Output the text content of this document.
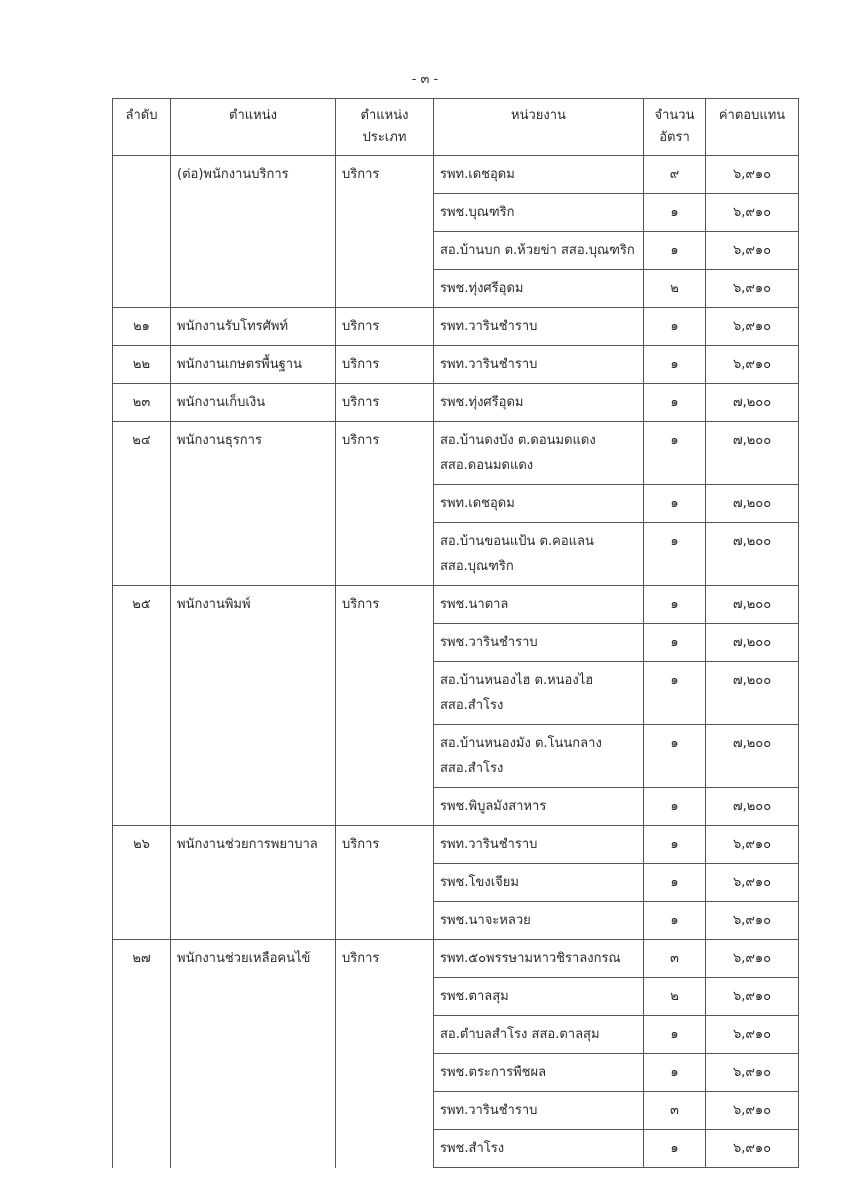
- ๓ -
ลำดับ	ตำแหน่ง	ตำแหน่งประเภท	หน่วยงาน	จำนวนอัตรา	ค่าตอบแทน
	(ต่อ)พนักงานบริการ	บริการ	รพท.เดชอุดม	๙	๖,๙๑๐
			รพช.บุณฑริก	๑	๖,๙๑๐
			สอ.บ้านบก ต.ห้วยข่า สสอ.บุณฑริก	๑	๖,๙๑๐
			รพช.ทุ่งศรีอุดม	๒	๖,๙๑๐
๒๑	พนักงานรับโทรศัพท์	บริการ	รพท.วารินชำราบ	๑	๖,๙๑๐
๒๒	พนักงานเกษตรพื้นฐาน	บริการ	รพท.วารินชำราบ	๑	๖,๙๑๐
๒๓	พนักงานเก็บเงิน	บริการ	รพช.ทุ่งศรีอุดม	๑	๗,๒๐๐
๒๔	พนักงานธุรการ	บริการ	สอ.บ้านดงบัง ต.ดอนมดแดง สสอ.ดอนมดแดง	๑	๗,๒๐๐
			รพท.เดชอุดม	๑	๗,๒๐๐
			สอ.บ้านขอนแป้น ต.คอแลน สสอ.บุณฑริก	๑	๗,๒๐๐
๒๕	พนักงานพิมพ์	บริการ	รพช.นาตาล	๑	๗,๒๐๐
			รพช.วารินชำราบ	๑	๗,๒๐๐
			สอ.บ้านหนองไฮ ต.หนองไฮ สสอ.สำโรง	๑	๗,๒๐๐
			สอ.บ้านหนองมัง ต.โนนกลาง สสอ.สำโรง	๑	๗,๒๐๐
			รพช.พิบูลมังสาหาร	๑	๗,๒๐๐
๒๖	พนักงานช่วยการพยาบาล	บริการ	รพท.วารินชำราบ	๑	๖,๙๑๐
			รพช.โขงเจียม	๑	๖,๙๑๐
			รพช.นาจะหลวย	๑	๖,๙๑๐
๒๗	พนักงานช่วยเหลือคนไข้	บริการ	รพท.๕๐พรรษามหาวชิราลงกรณ	๓	๖,๙๑๐
			รพช.ตาลสุม	๒	๖,๙๑๐
			สอ.ตำบลสำโรง สสอ.ตาลสุม	๑	๖,๙๑๐
			รพช.ตระการพืชผล	๑	๖,๙๑๐
			รพท.วารินชำราบ	๓	๖,๙๑๐
			รพช.สำโรง	๑	๖,๙๑๐
